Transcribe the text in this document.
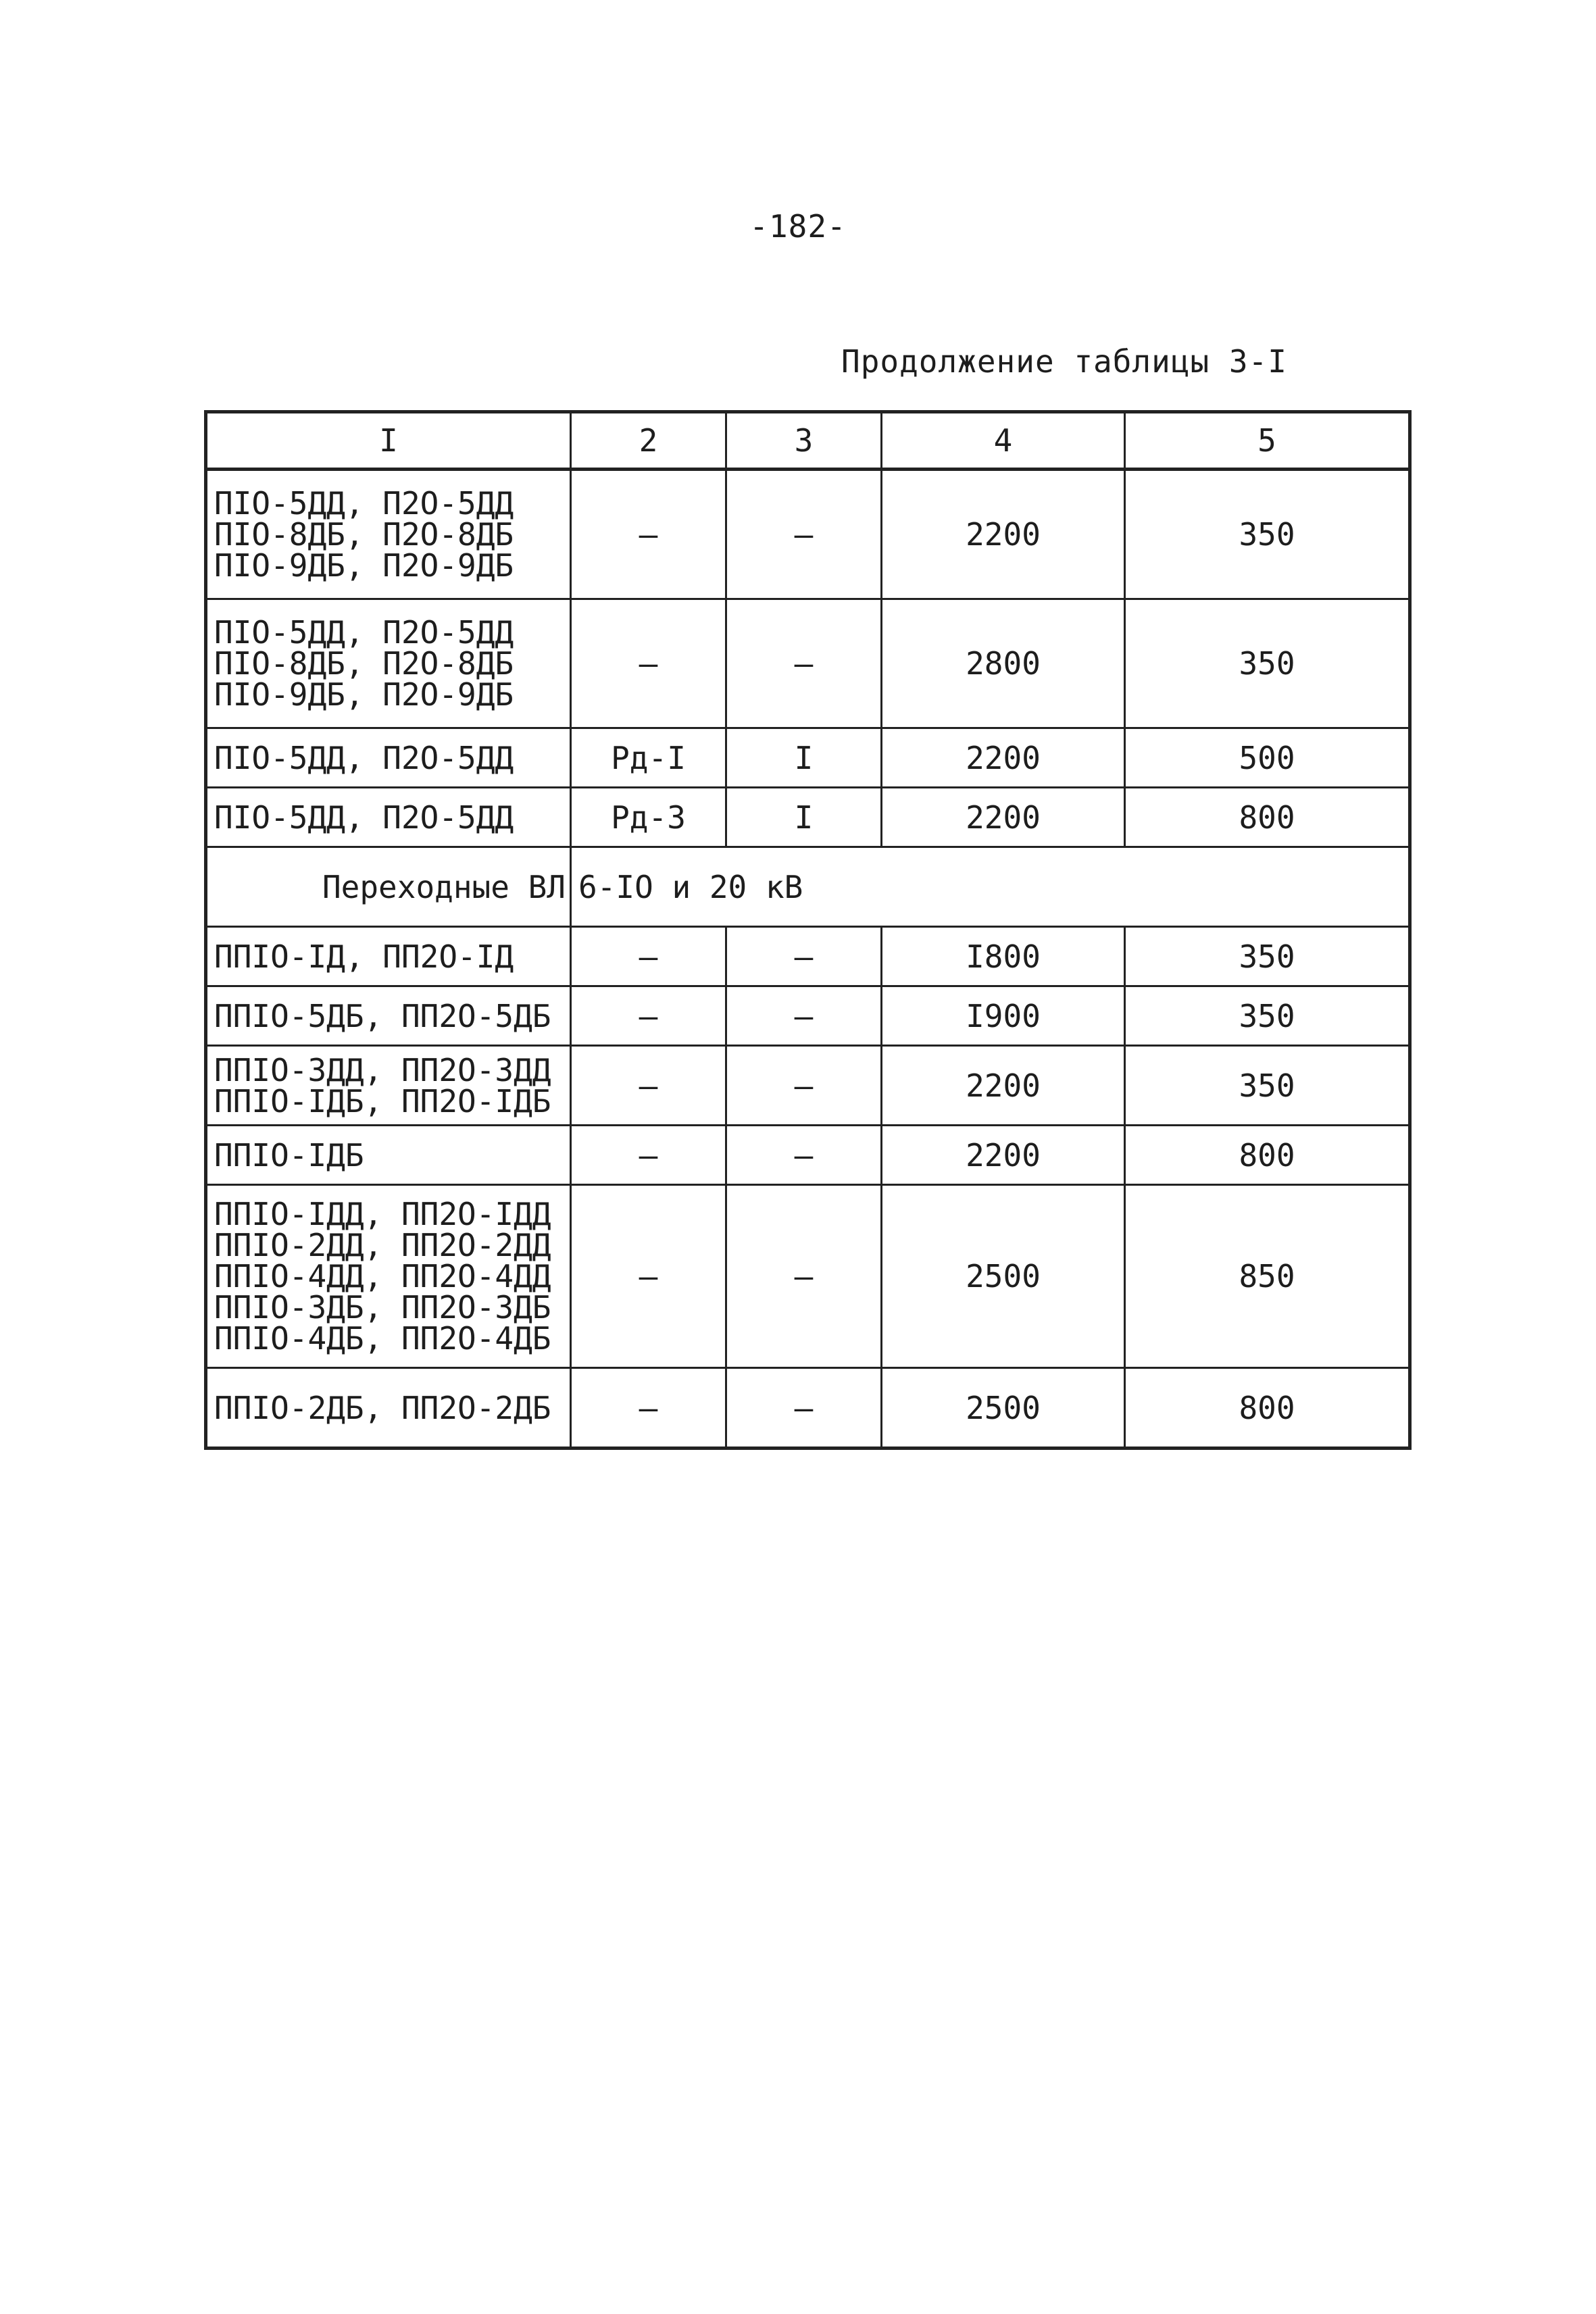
-182-
Продолжение таблицы 3-I
I	2	3	4	5

ПIО-5ДД, П2О-5ДД
ПIО-8ДБ, П2О-8ДБ
ПIО-9ДБ, П2О-9ДБ	–	–	2200	350

ПIО-5ДД, П2О-5ДД
ПIО-8ДБ, П2О-8ДБ
ПIО-9ДБ, П2О-9ДБ	–	–	2800	350

ПIО-5ДД, П2О-5ДД	Рд-I	I	2200	500

ПIО-5ДД, П2О-5ДД	Рд-3	I	2200	800
Переходные ВЛ	6-IО и 20 кВ			

ППIО-IД, ПП2О-IД	–	–	I800	350

ППIО-5ДБ, ПП2О-5ДБ	–	–	I900	350

ППIО-3ДД, ПП2О-3ДД
ППIО-IДБ, ПП2О-IДБ	–	–	2200	350

ППIО-IДБ	–	–	2200	800

ППIО-IДД, ПП2О-IДД
ППIО-2ДД, ПП2О-2ДД
ППIО-4ДД, ПП2О-4ДД
ППIО-3ДБ, ПП2О-3ДБ
ППIО-4ДБ, ПП2О-4ДБ	–	–	2500	850

ППIО-2ДБ, ПП2О-2ДБ	–	–	2500	800
